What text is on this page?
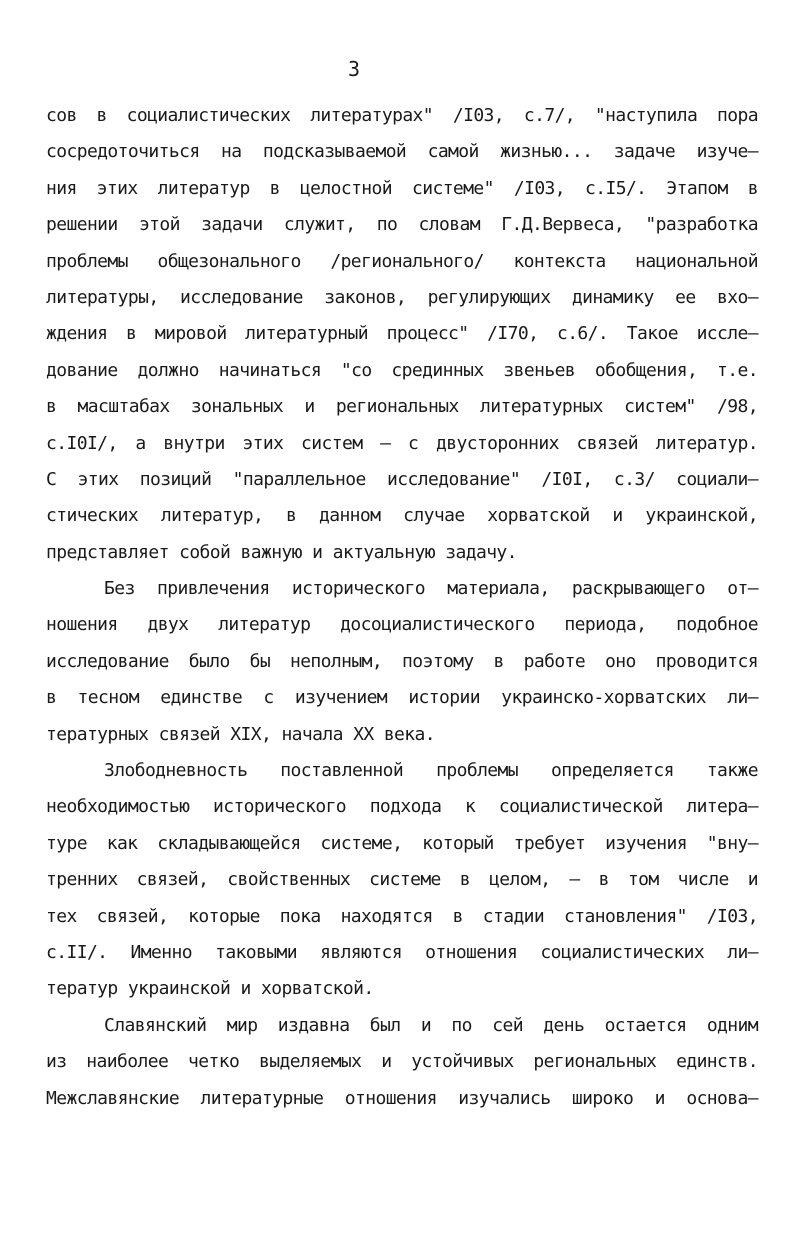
3
сов в социалистических литературах" /I03, с.7/, "наступила пора
сосредоточиться на подсказываемой самой жизнью... задаче изуче–
ния этих литератур в целостной системе" /I03, с.I5/. Этапом в
решении этой задачи служит, по словам Г.Д.Вервеса, "разработка
проблемы общезонального /регионального/ контекста национальной
литературы, исследование законов, регулирующих динамику ее вхо–
ждения в мировой литературный процесс" /I70, с.6/. Такое иссле–
дование должно начинаться "со срединных звеньев обобщения, т.е.
в масштабах зональных и региональных литературных систем" /98,
с.I0I/, а внутри этих систем – с двусторонних связей литератур.
С этих позиций "параллельное исследование" /I0I, с.3/ социали–
стических литератур, в данном случае хорватской и украинской,
представляет собой важную и актуальную задачу.
Без привлечения исторического материала, раскрывающего от–
ношения двух литератур досоциалистического периода, подобное
исследование было бы неполным, поэтому в работе оно проводится
в тесном единстве с изучением истории украинско-хорватских ли–
тературных связей XIX, начала XX века.
Злободневность поставленной проблемы определяется также
необходимостью исторического подхода к социалистической литера–
туре как складывающейся системе, который требует изучения "вну–
тренних связей, свойственных системе в целом, – в том числе и
тех связей, которые пока находятся в стадии становления" /I03,
с.II/. Именно таковыми являются отношения социалистических ли–
тератур украинской и хорватской.
Славянский мир издавна был и по сей день остается одним
из наиболее четко выделяемых и устойчивых региональных единств.
Межславянские литературные отношения изучались широко и основа–
